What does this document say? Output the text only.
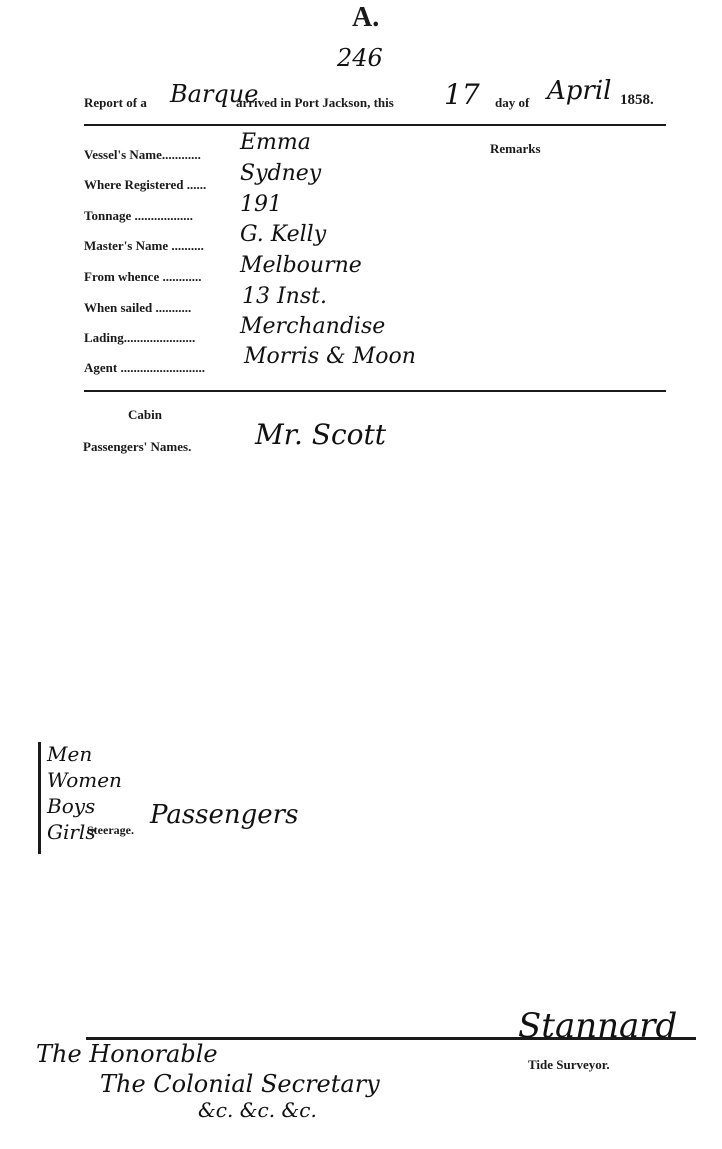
A.
246
Report of a Barque
arrived in Port Jackson, this 17 day of April 1858.
Vessel's Name............ Emma
Where Registered ...... Sydney
Tonnage .................. 191
Master's Name .......... G. Kelly
From whence ............ Melbourne
When sailed ........... 13 Inst.
Lading...................... Merchandise
Agent .......................... Morris & Moon
Remarks
Cabin
Passengers' Names. Mr. Scott
Men
Women
Boys
Girls
Steerage. Passengers
Stannard
Tide Surveyor.
The Honorable
The Colonial Secretary
&c. &c. &c.
